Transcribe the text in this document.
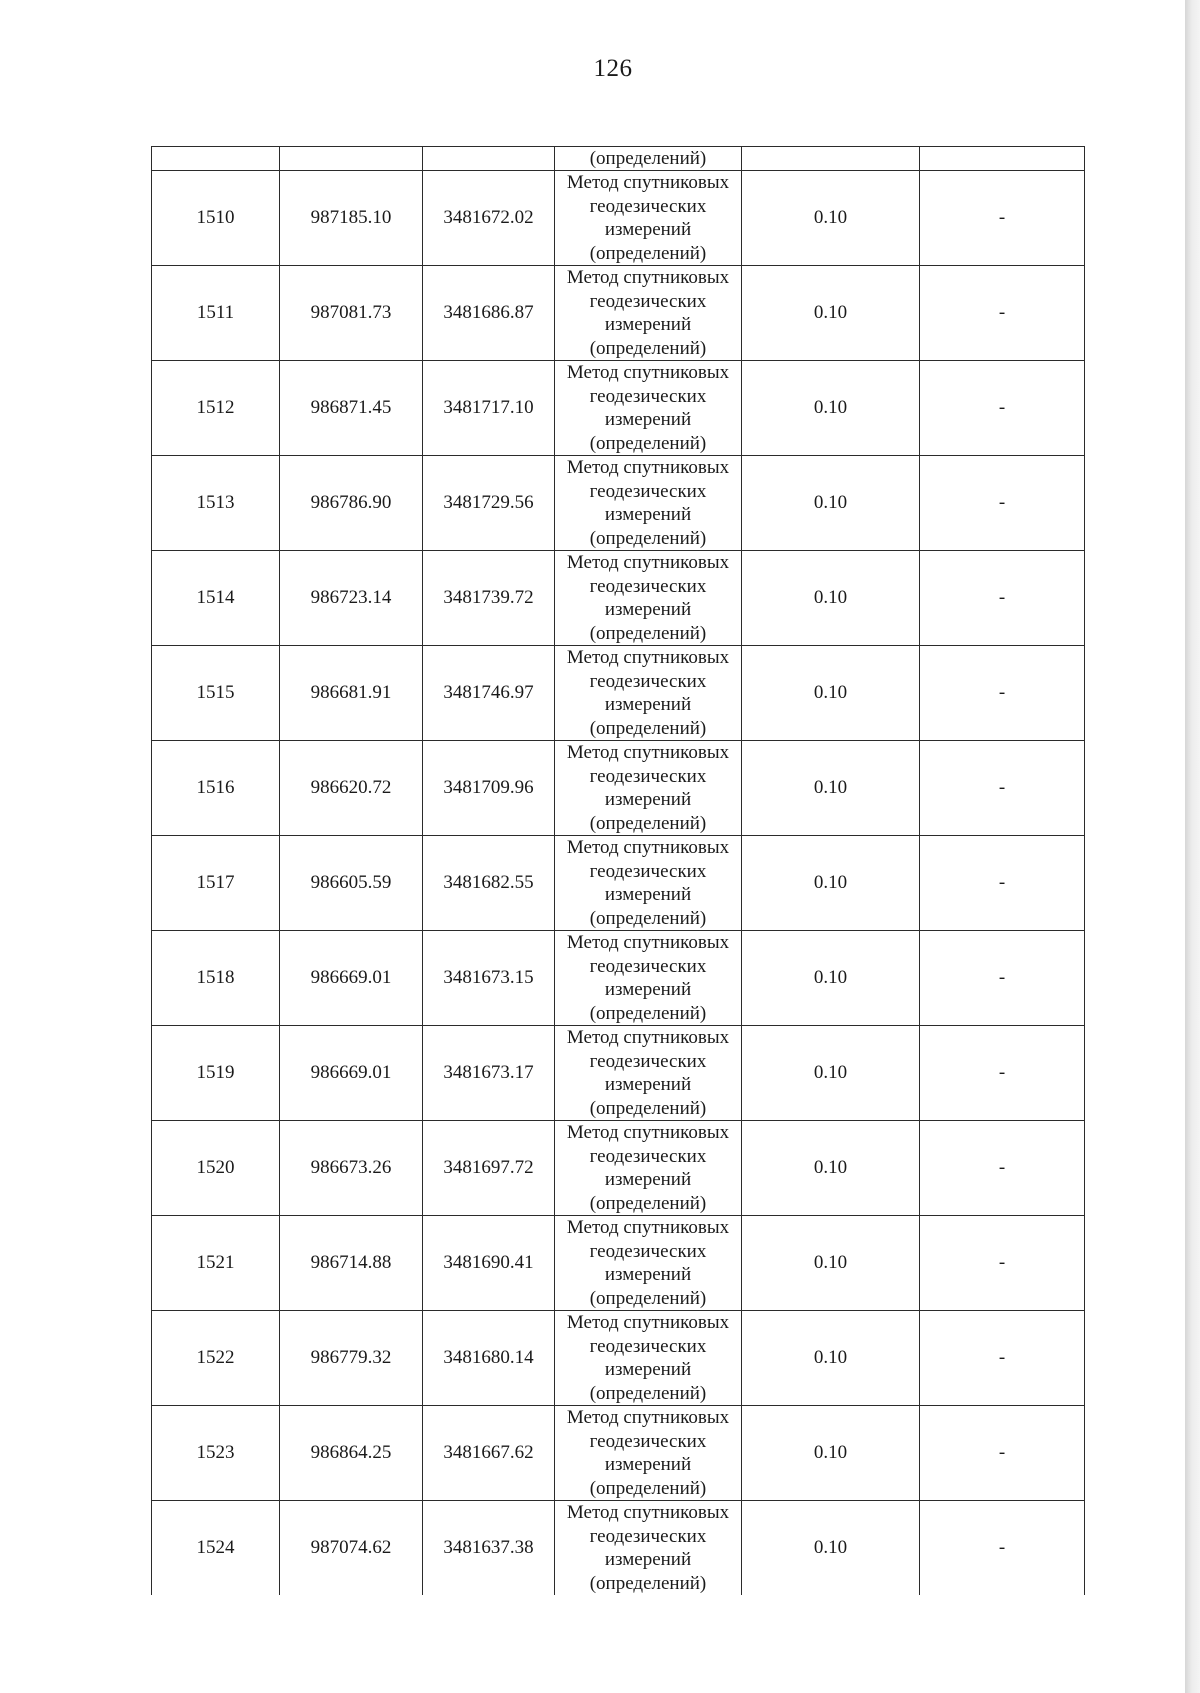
126
			(определений)		
1510	987185.10	3481672.02	Метод спутниковых геодезических измерений (определений)	0.10	-
1511	987081.73	3481686.87	Метод спутниковых геодезических измерений (определений)	0.10	-
1512	986871.45	3481717.10	Метод спутниковых геодезических измерений (определений)	0.10	-
1513	986786.90	3481729.56	Метод спутниковых геодезических измерений (определений)	0.10	-
1514	986723.14	3481739.72	Метод спутниковых геодезических измерений (определений)	0.10	-
1515	986681.91	3481746.97	Метод спутниковых геодезических измерений (определений)	0.10	-
1516	986620.72	3481709.96	Метод спутниковых геодезических измерений (определений)	0.10	-
1517	986605.59	3481682.55	Метод спутниковых геодезических измерений (определений)	0.10	-
1518	986669.01	3481673.15	Метод спутниковых геодезических измерений (определений)	0.10	-
1519	986669.01	3481673.17	Метод спутниковых геодезических измерений (определений)	0.10	-
1520	986673.26	3481697.72	Метод спутниковых геодезических измерений (определений)	0.10	-
1521	986714.88	3481690.41	Метод спутниковых геодезических измерений (определений)	0.10	-
1522	986779.32	3481680.14	Метод спутниковых геодезических измерений (определений)	0.10	-
1523	986864.25	3481667.62	Метод спутниковых геодезических измерений (определений)	0.10	-
1524	987074.62	3481637.38	Метод спутниковых геодезических измерений (определений)	0.10	-
